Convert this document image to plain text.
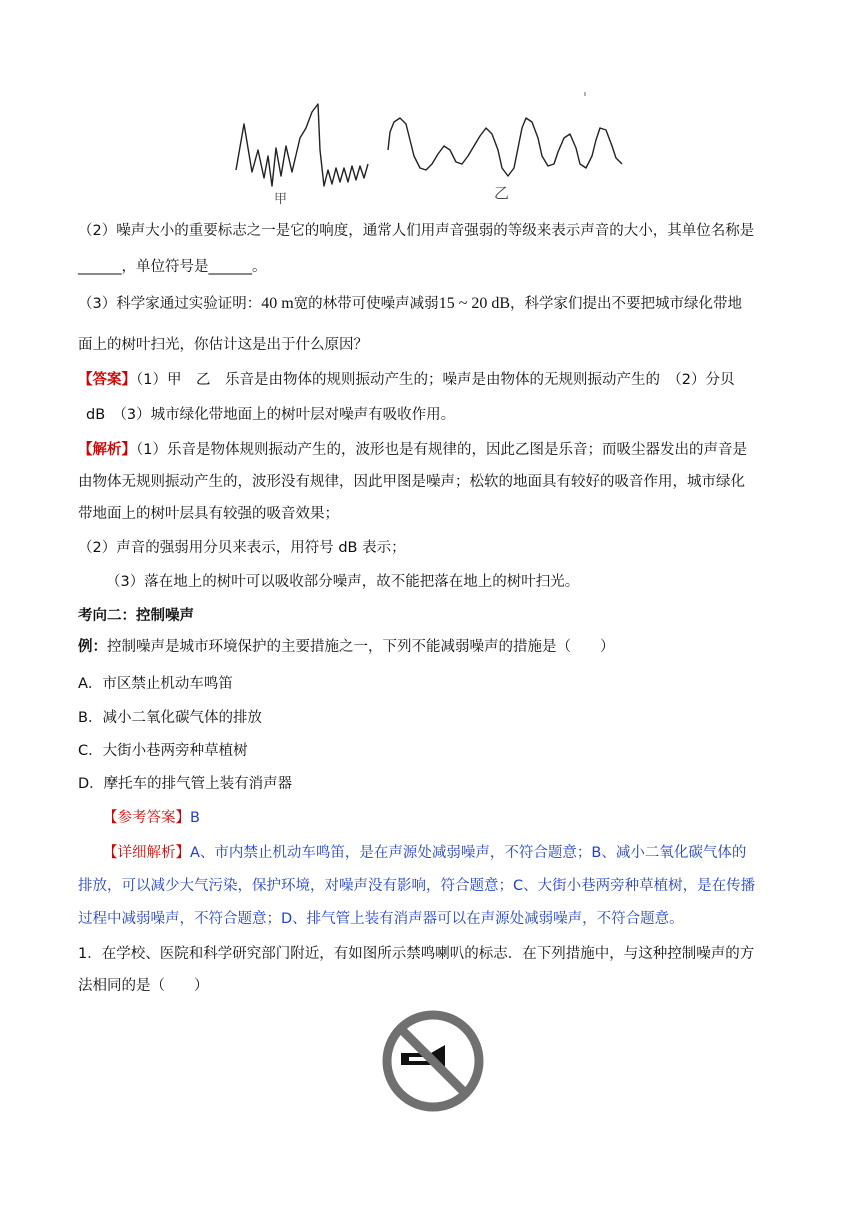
甲	乙
（2）噪声大小的重要标志之一是它的响度，通常人们用声音强弱的等级来表示声音的大小，其单位名称是
______，单位符号是______。
（3）科学家通过实验证明：40 m宽的林带可使噪声减弱15 ~ 20 dB，科学家们提出不要把城市绿化带地
面上的树叶扫光，你估计这是出于什么原因？
【答案】（1）甲　乙　乐音是由物体的规则振动产生的；噪声是由物体的无规则振动产生的　（2）分贝
dB　（3）城市绿化带地面上的树叶层对噪声有吸收作用。
【解析】（1）乐音是物体规则振动产生的，波形也是有规律的，因此乙图是乐音；而吸尘器发出的声音是
由物体无规则振动产生的，波形没有规律，因此甲图是噪声；松软的地面具有较好的吸音作用，城市绿化
带地面上的树叶层具有较强的吸音效果；
（2）声音的强弱用分贝来表示，用符号 dB 表示；
（3）落在地上的树叶可以吸收部分噪声，故不能把落在地上的树叶扫光。
考向二：控制噪声
例：控制噪声是城市环境保护的主要措施之一，下列不能减弱噪声的措施是（　　）
A．市区禁止机动车鸣笛
B．减小二氧化碳气体的排放
C．大街小巷两旁种草植树
D．摩托车的排气管上装有消声器
【参考答案】B
【详细解析】A、市内禁止机动车鸣笛，是在声源处减弱噪声，不符合题意；B、减小二氧化碳气体的
排放，可以减少大气污染，保护环境，对噪声没有影响，符合题意；C、大街小巷两旁种草植树，是在传播
过程中减弱噪声，不符合题意；D、排气管上装有消声器可以在声源处减弱噪声，不符合题意。
1．在学校、医院和科学研究部门附近，有如图所示禁鸣喇叭的标志．在下列措施中，与这种控制噪声的方
法相同的是（　　）
